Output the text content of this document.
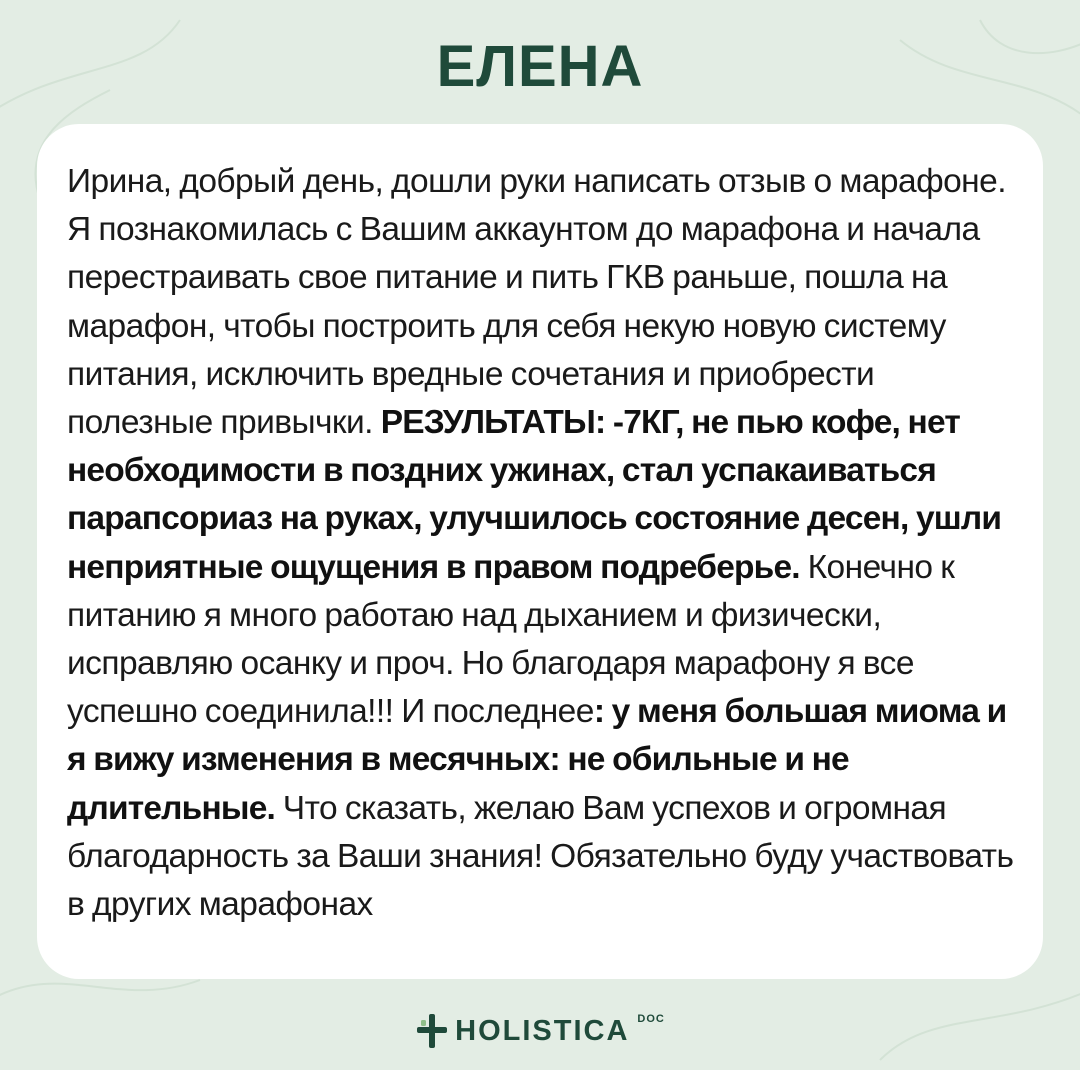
ЕЛЕНА
Ирина, добрый день, дошли руки написать отзыв о марафоне. Я познакомилась с Вашим аккаунтом до марафона и начала перестраивать свое питание и пить ГКВ раньше, пошла на марафон, чтобы построить для себя некую новую систему питания, исключить вредные сочетания и приобрести полезные привычки. РЕЗУЛЬТАТЫ: -7КГ, не пью кофе, нет необходимости в поздних ужинах, стал успакаиваться парапсориаз на руках, улучшилось состояние десен, ушли неприятные ощущения в правом подреберье. Конечно к питанию я много работаю над дыханием и физически, исправляю осанку и проч. Но благодаря марафону я все успешно соединила!!! И последнее: у меня большая миома и я вижу изменения в месячных: не обильные и не длительные. Что сказать, желаю Вам успехов и огромная благодарность за Ваши знания! Обязательно буду участвовать в других марафонах
HOLISTICA DOC
